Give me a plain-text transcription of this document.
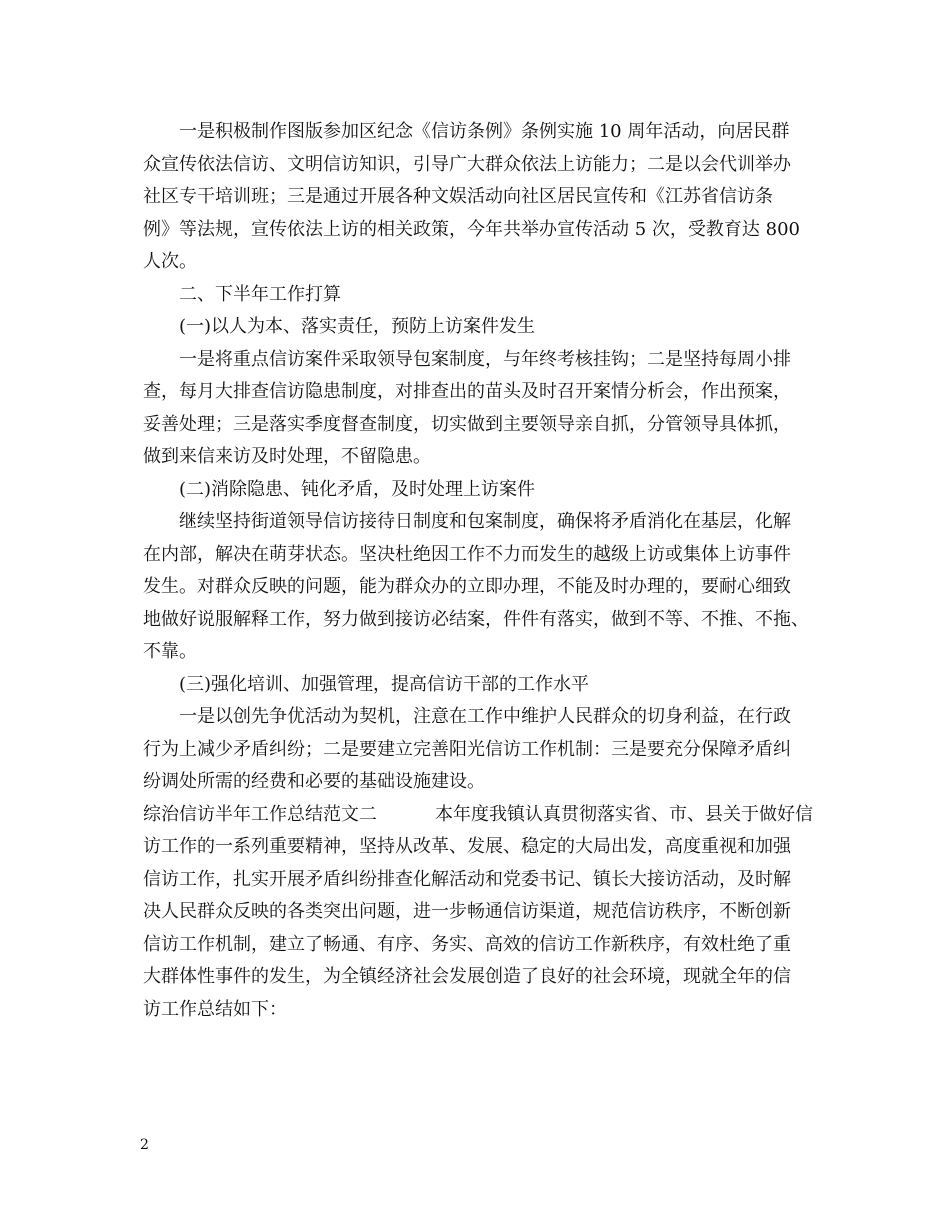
一是积极制作图版参加区纪念《信访条例》条例实施 10 周年活动，向居民群
众宣传依法信访、文明信访知识，引导广大群众依法上访能力；二是以会代训举办
社区专干培训班；三是通过开展各种文娱活动向社区居民宣传和《江苏省信访条
例》等法规，宣传依法上访的相关政策，今年共举办宣传活动 5 次，受教育达 800
人次。
二、下半年工作打算
(一)以人为本、落实责任，预防上访案件发生
一是将重点信访案件采取领导包案制度，与年终考核挂钩；二是坚持每周小排
查，每月大排查信访隐患制度，对排查出的苗头及时召开案情分析会，作出预案，
妥善处理；三是落实季度督查制度，切实做到主要领导亲自抓，分管领导具体抓，
做到来信来访及时处理，不留隐患。
(二)消除隐患、钝化矛盾，及时处理上访案件
继续坚持街道领导信访接待日制度和包案制度，确保将矛盾消化在基层，化解
在内部，解决在萌芽状态。坚决杜绝因工作不力而发生的越级上访或集体上访事件
发生。对群众反映的问题，能为群众办的立即办理，不能及时办理的，要耐心细致
地做好说服解释工作，努力做到接访必结案，件件有落实，做到不等、不推、不拖、
不靠。
(三)强化培训、加强管理，提高信访干部的工作水平
一是以创先争优活动为契机，注意在工作中维护人民群众的切身利益，在行政
行为上减少矛盾纠纷；二是要建立完善阳光信访工作机制：三是要充分保障矛盾纠
纷调处所需的经费和必要的基础设施建设。
综治信访半年工作总结范文二	本年度我镇认真贯彻落实省、市、县关于做好信
访工作的一系列重要精神，坚持从改革、发展、稳定的大局出发，高度重视和加强
信访工作，扎实开展矛盾纠纷排查化解活动和党委书记、镇长大接访活动，及时解
决人民群众反映的各类突出问题，进一步畅通信访渠道，规范信访秩序，不断创新
信访工作机制，建立了畅通、有序、务实、高效的信访工作新秩序，有效杜绝了重
大群体性事件的发生，为全镇经济社会发展创造了良好的社会环境，现就全年的信
访工作总结如下：
2
